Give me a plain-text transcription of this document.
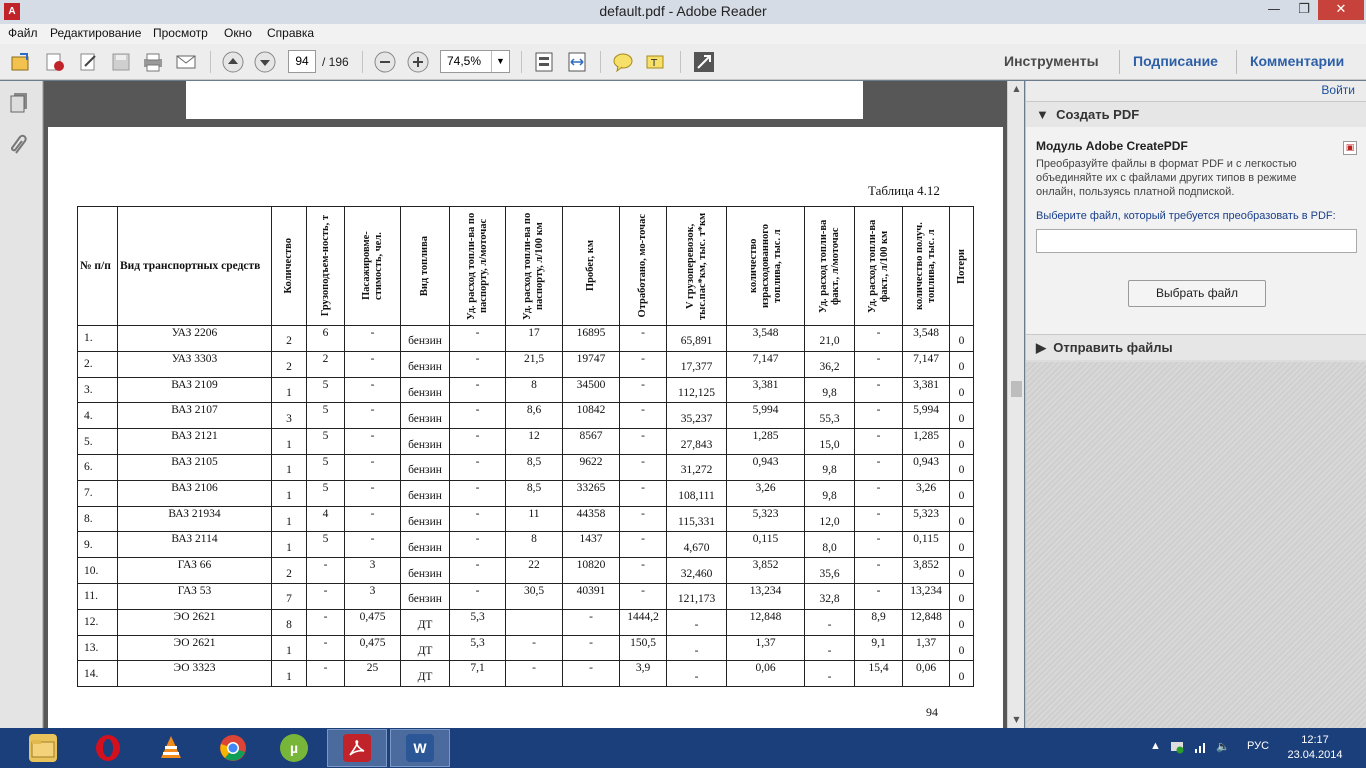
A	default.pdf - Adobe Reader	—	❐	✕
Файл Редактирование Просмотр Окно Справка
94	/ 196	74,5%	▼	T	Инструменты Подписание Комментарии
Таблица 4.12
№ п/п	Вид транспортных средств	Количество	Грузоподъем-ность, т	Пасажировме-стимость, чел.	Вид топлива	Уд. расход топли-ва по паспорту, л/моточас	Уд. расход топли-ва по паспорту, л/100 км	Пробег, км	Отработано, мо-точас	V грузоперевозок, тыс.пас*км, тыс. т*км	количество израсходованного топлива, тыс. л	Уд. расход топли-ва факт., л/моточас	Уд. расход топли-ва факт., л/100 км	количество получ. топлива, тыс. л	Потери

1.	УАЗ 2206	2	6	-	бензин	-	17	16895	-	65,891	3,548	21,0	-	3,548	0
2.	УАЗ 3303	2	2	-	бензин	-	21,5	19747	-	17,377	7,147	36,2	-	7,147	0
3.	ВАЗ 2109	1	5	-	бензин	-	8	34500	-	112,125	3,381	9,8	-	3,381	0
4.	ВАЗ 2107	3	5	-	бензин	-	8,6	10842	-	35,237	5,994	55,3	-	5,994	0
5.	ВАЗ 2121	1	5	-	бензин	-	12	8567	-	27,843	1,285	15,0	-	1,285	0
6.	ВАЗ 2105	1	5	-	бензин	-	8,5	9622	-	31,272	0,943	9,8	-	0,943	0
7.	ВАЗ 2106	1	5	-	бензин	-	8,5	33265	-	108,111	3,26	9,8	-	3,26	0
8.	ВАЗ 21934	1	4	-	бензин	-	11	44358	-	115,331	5,323	12,0	-	5,323	0
9.	ВАЗ 2114	1	5	-	бензин	-	8	1437	-	4,670	0,115	8,0	-	0,115	0
10.	ГАЗ 66	2	-	3	бензин	-	22	10820	-	32,460	3,852	35,6	-	3,852	0
11.	ГАЗ 53	7	-	3	бензин	-	30,5	40391	-	121,173	13,234	32,8	-	13,234	0
12.	ЭО 2621	8	-	0,475	ДТ	5,3		-	1444,2	-	12,848	-	8,9	12,848	0
13.	ЭО 2621	1	-	0,475	ДТ	5,3	-	-	150,5	-	1,37	-	9,1	1,37	0
14.	ЭО 3323	1	-	25	ДТ	7,1	-	-	3,9	-	0,06	-	15,4	0,06	0
94
▲
▼
Войти
▼ Создать PDF
Модуль Adobe CreatePDF	▣
Преобразуйте файлы в формат PDF и с легкостью объединяйте их с файлами других типов в режиме онлайн, пользуясь платной подпиской.
Выберите файл, который требуется преобразовать в PDF:
Выбрать файл
▶ Отправить файлы
µ	W	▲	🔈 РУС	12:17
23.04.2014
